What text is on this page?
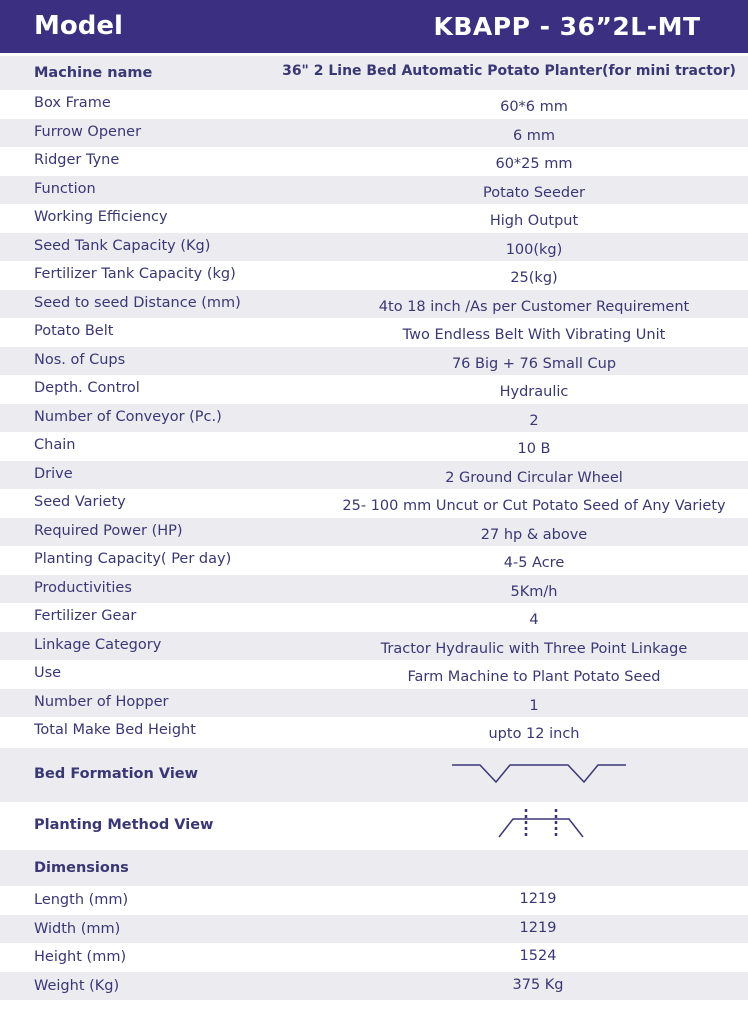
Model	KBAPP - 36”2L-MT
Machine name	36" 2 Line Bed Automatic Potato Planter(for mini tractor)
Box Frame	60*6 mm
Furrow Opener	6 mm
Ridger Tyne	60*25 mm
Function	Potato Seeder
Working Efficiency	High Output
Seed Tank Capacity (Kg)	100(kg)
Fertilizer Tank Capacity (kg)	25(kg)
Seed to seed Distance (mm)	4to 18 inch /As per Customer Requirement
Potato Belt	Two Endless Belt With Vibrating Unit
Nos. of Cups	76 Big + 76 Small Cup
Depth. Control	Hydraulic
Number of Conveyor (Pc.)	2
Chain	10 B
Drive	2 Ground Circular Wheel
Seed Variety	25- 100 mm Uncut or Cut Potato Seed of Any Variety
Required Power (HP)	27 hp & above
Planting Capacity( Per day)	4-5 Acre
Productivities	5Km/h
Fertilizer Gear	4
Linkage Category	Tractor Hydraulic with Three Point Linkage
Use	Farm Machine to Plant Potato Seed
Number of Hopper	1
Total Make Bed Height	upto 12 inch
Bed Formation View
Planting Method View
Dimensions
Length (mm)	1219
Width (mm)	1219
Height (mm)	1524
Weight (Kg)	375 Kg
